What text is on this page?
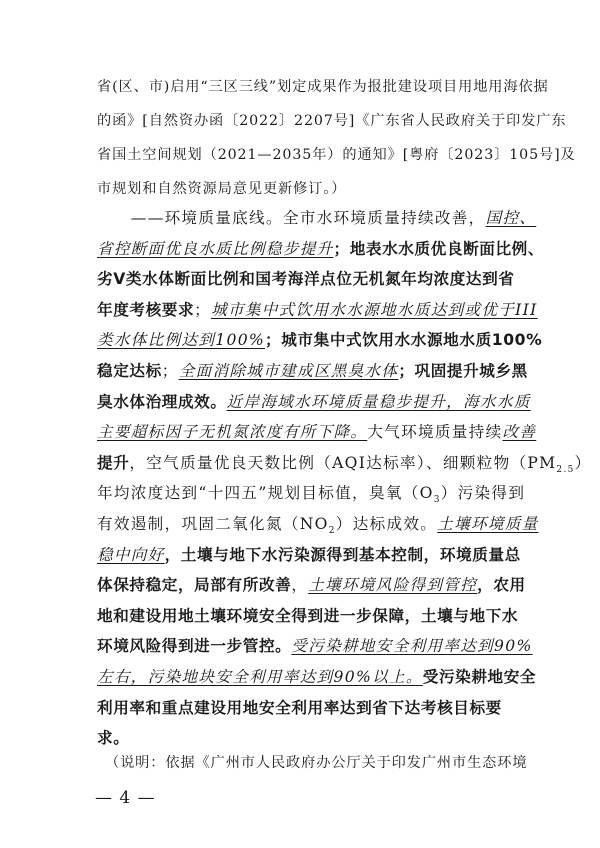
省(区、市)启用“三区三线”划定成果作为报批建设项目用地用海依据
的函》[自然资办函〔2022〕2207号]《广东省人民政府关于印发广东
省国土空间规划（2021—2035年）的通知》[粤府〔2023〕105号]及
市规划和自然资源局意见更新修订。）
　　——环境质量底线。全市水环境质量持续改善，国控、
省控断面优良水质比例稳步提升；地表水水质优良断面比例、
劣Ⅴ类水体断面比例和国考海洋点位无机氮年均浓度达到省
年度考核要求；城市集中式饮用水水源地水质达到或优于III
类水体比例达到100%；城市集中式饮用水水源地水质100%
稳定达标；全面消除城市建成区黑臭水体；巩固提升城乡黑
臭水体治理成效。近岸海域水环境质量稳步提升，海水水质
主要超标因子无机氮浓度有所下降。大气环境质量持续改善
提升，空气质量优良天数比例（AQI达标率）、细颗粒物$(PM_{2.5})$
年均浓度达到“十四五”规划目标值，臭氧$(O_3)$污染得到
有效遏制，巩固二氧化氮$(NO_2)$达标成效。土壤环境质量
稳中向好，土壤与地下水污染源得到基本控制，环境质量总
体保持稳定，局部有所改善，土壤环境风险得到管控，农用
地和建设用地土壤环境安全得到进一步保障，土壤与地下水
环境风险得到进一步管控。受污染耕地安全利用率达到90%
左右，污染地块安全利用率达到90%以上。受污染耕地安全
利用率和重点建设用地安全利用率达到省下达考核目标要
求。
　（说明：依据《广州市人民政府办公厅关于印发广州市生态环境
— 4 —
